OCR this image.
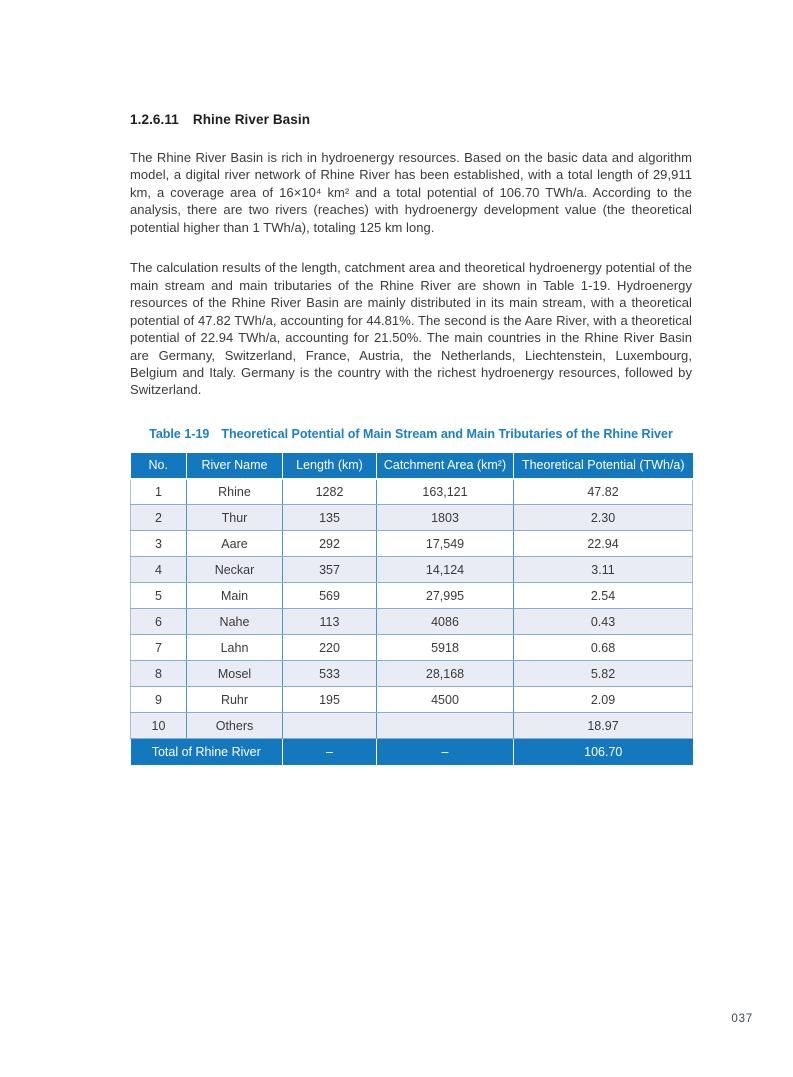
1.2.6.11 Rhine River Basin

The Rhine River Basin is rich in hydroenergy resources. Based on the basic data and algorithm model, a digital river network of Rhine River has been established, with a total length of 29,911 km, a coverage area of 16×10⁴ km² and a total potential of 106.70 TWh/a. According to the analysis, there are two rivers (reaches) with hydroenergy development value (the theoretical potential higher than 1 TWh/a), totaling 125 km long.

The calculation results of the length, catchment area and theoretical hydroenergy potential of the main stream and main tributaries of the Rhine River are shown in Table 1-19. Hydroenergy resources of the Rhine River Basin are mainly distributed in its main stream, with a theoretical potential of 47.82 TWh/a, accounting for 44.81%. The second is the Aare River, with a theoretical potential of 22.94 TWh/a, accounting for 21.50%. The main countries in the Rhine River Basin are Germany, Switzerland, France, Austria, the Netherlands, Liechtenstein, Luxembourg, Belgium and Italy. Germany is the country with the richest hydroenergy resources, followed by Switzerland.

Table 1-19 Theoretical Potential of Main Stream and Main Tributaries of the Rhine River
No.	River Name	Length (km)	Catchment Area (km²)	Theoretical Potential (TWh/a)
1	Rhine	1282	163,121	47.82
2	Thur	135	1803	2.30
3	Aare	292	17,549	22.94
4	Neckar	357	14,124	3.11
5	Main	569	27,995	2.54
6	Nahe	113	4086	0.43
7	Lahn	220	5918	0.68
8	Mosel	533	28,168	5.82
9	Ruhr	195	4500	2.09
10	Others			18.97
Total of Rhine River		–	–	106.70
037
